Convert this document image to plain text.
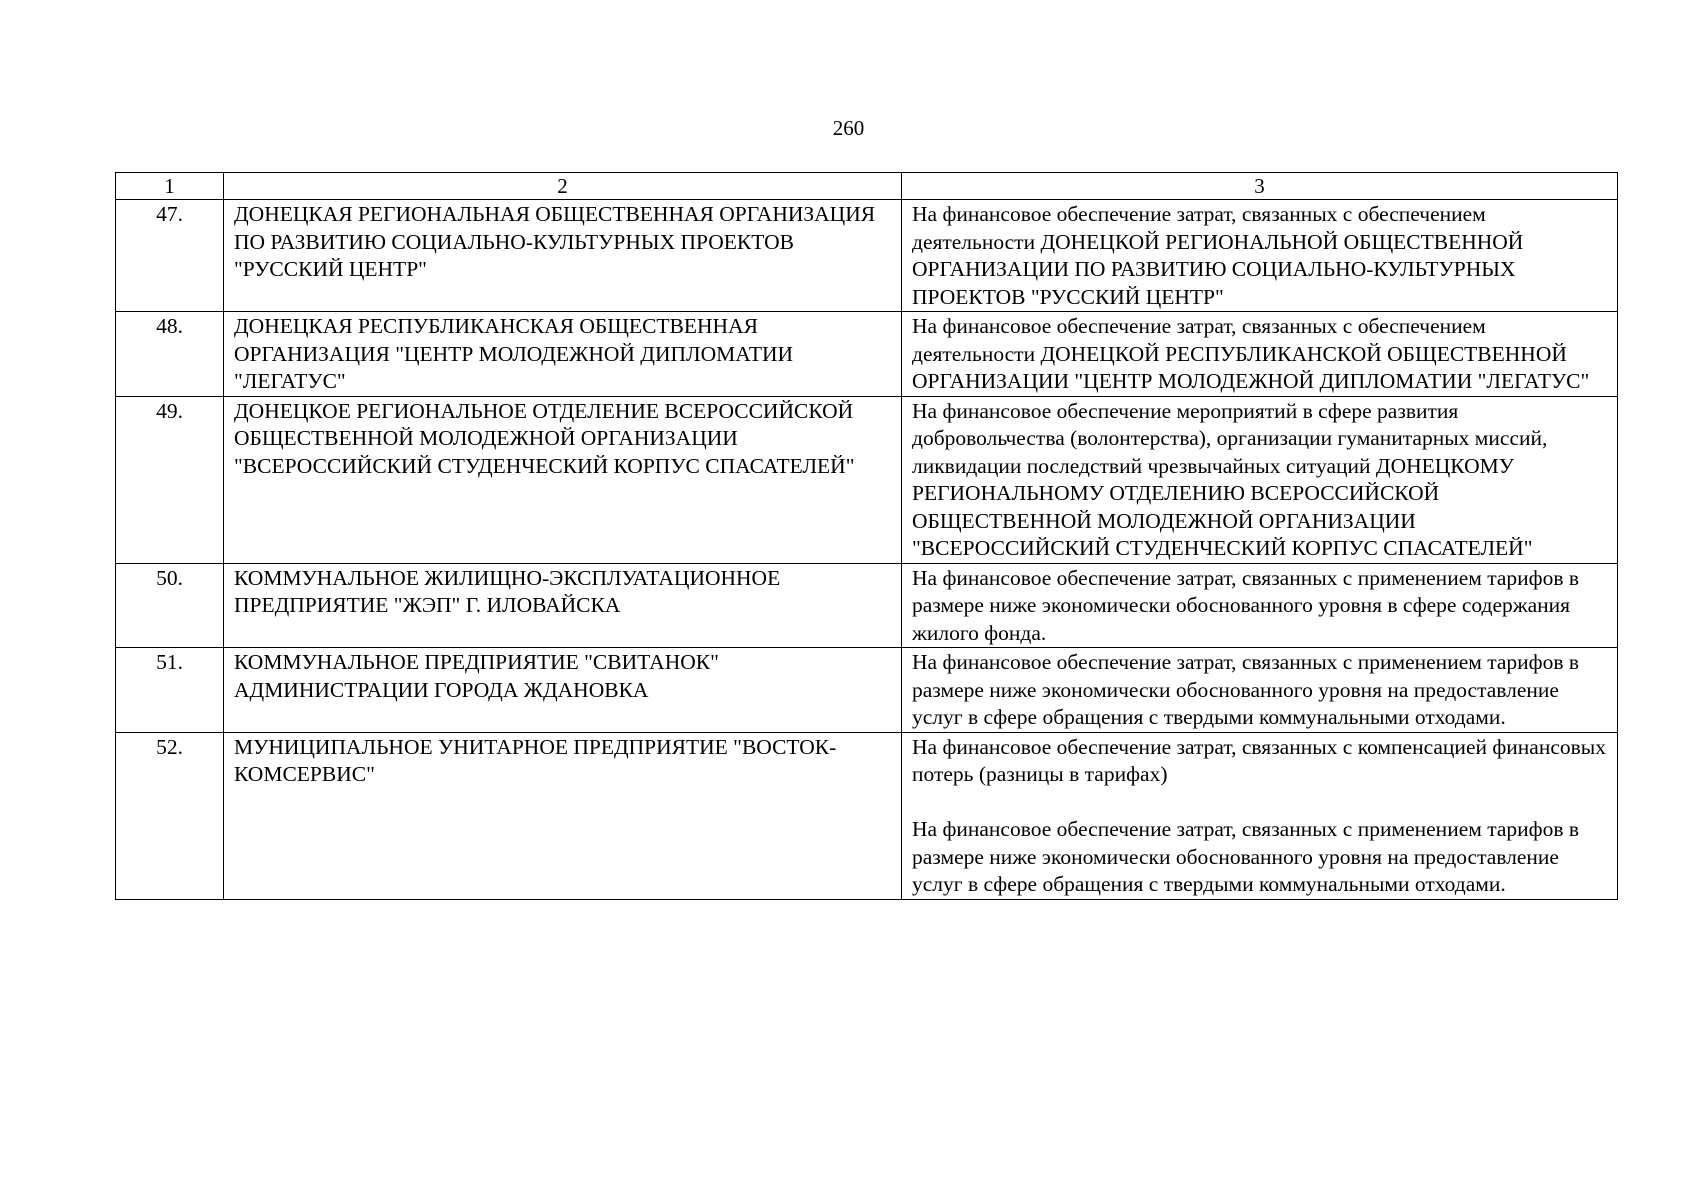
260
1	2	3
47.	ДОНЕЦКАЯ РЕГИОНАЛЬНАЯ ОБЩЕСТВЕННАЯ ОРГАНИЗАЦИЯ ПО РАЗВИТИЮ СОЦИАЛЬНО-КУЛЬТУРНЫХ ПРОЕКТОВ "РУССКИЙ ЦЕНТР"	На финансовое обеспечение затрат, связанных с обеспечением деятельности ДОНЕЦКОЙ РЕГИОНАЛЬНОЙ ОБЩЕСТВЕННОЙ ОРГАНИЗАЦИИ ПО РАЗВИТИЮ СОЦИАЛЬНО-КУЛЬТУРНЫХ ПРОЕКТОВ "РУССКИЙ ЦЕНТР"

48.	ДОНЕЦКАЯ РЕСПУБЛИКАНСКАЯ ОБЩЕСТВЕННАЯ ОРГАНИЗАЦИЯ "ЦЕНТР МОЛОДЕЖНОЙ ДИПЛОМАТИИ "ЛЕГАТУС"	На финансовое обеспечение затрат, связанных с обеспечением деятельности ДОНЕЦКОЙ РЕСПУБЛИКАНСКОЙ ОБЩЕСТВЕННОЙ ОРГАНИЗАЦИИ "ЦЕНТР МОЛОДЕЖНОЙ ДИПЛОМАТИИ "ЛЕГАТУС"

49.	ДОНЕЦКОЕ РЕГИОНАЛЬНОЕ ОТДЕЛЕНИЕ ВСЕРОССИЙСКОЙ ОБЩЕСТВЕННОЙ МОЛОДЕЖНОЙ ОРГАНИЗАЦИИ "ВСЕРОССИЙСКИЙ СТУДЕНЧЕСКИЙ КОРПУС СПАСАТЕЛЕЙ"	На финансовое обеспечение мероприятий в сфере развития добровольчества (волонтерства), организации гуманитарных миссий, ликвидации последствий чрезвычайных ситуаций ДОНЕЦКОМУ РЕГИОНАЛЬНОМУ ОТДЕЛЕНИЮ ВСЕРОССИЙСКОЙ ОБЩЕСТВЕННОЙ МОЛОДЕЖНОЙ ОРГАНИЗАЦИИ "ВСЕРОССИЙСКИЙ СТУДЕНЧЕСКИЙ КОРПУС СПАСАТЕЛЕЙ"

50.	КОММУНАЛЬНОЕ ЖИЛИЩНО-ЭКСПЛУАТАЦИОННОЕ ПРЕДПРИЯТИЕ "ЖЭП" Г. ИЛОВАЙСКА	На финансовое обеспечение затрат, связанных с применением тарифов в размере ниже экономически обоснованного уровня в сфере содержания жилого фонда.

51.	КОММУНАЛЬНОЕ ПРЕДПРИЯТИЕ "СВИТАНОК" АДМИНИСТРАЦИИ ГОРОДА ЖДАНОВКА	На финансовое обеспечение затрат, связанных с применением тарифов в размере ниже экономически обоснованного уровня на предоставление услуг в сфере обращения с твердыми коммунальными отходами.

52.	МУНИЦИПАЛЬНОЕ УНИТАРНОЕ ПРЕДПРИЯТИЕ "ВОСТОК-КОМСЕРВИС"	На финансовое обеспечение затрат, связанных с компенсацией финансовых потерь (разницы в тарифах)
На финансовое обеспечение затрат, связанных с применением тарифов в размере ниже экономически обоснованного уровня на предоставление услуг в сфере обращения с твердыми коммунальными отходами.
